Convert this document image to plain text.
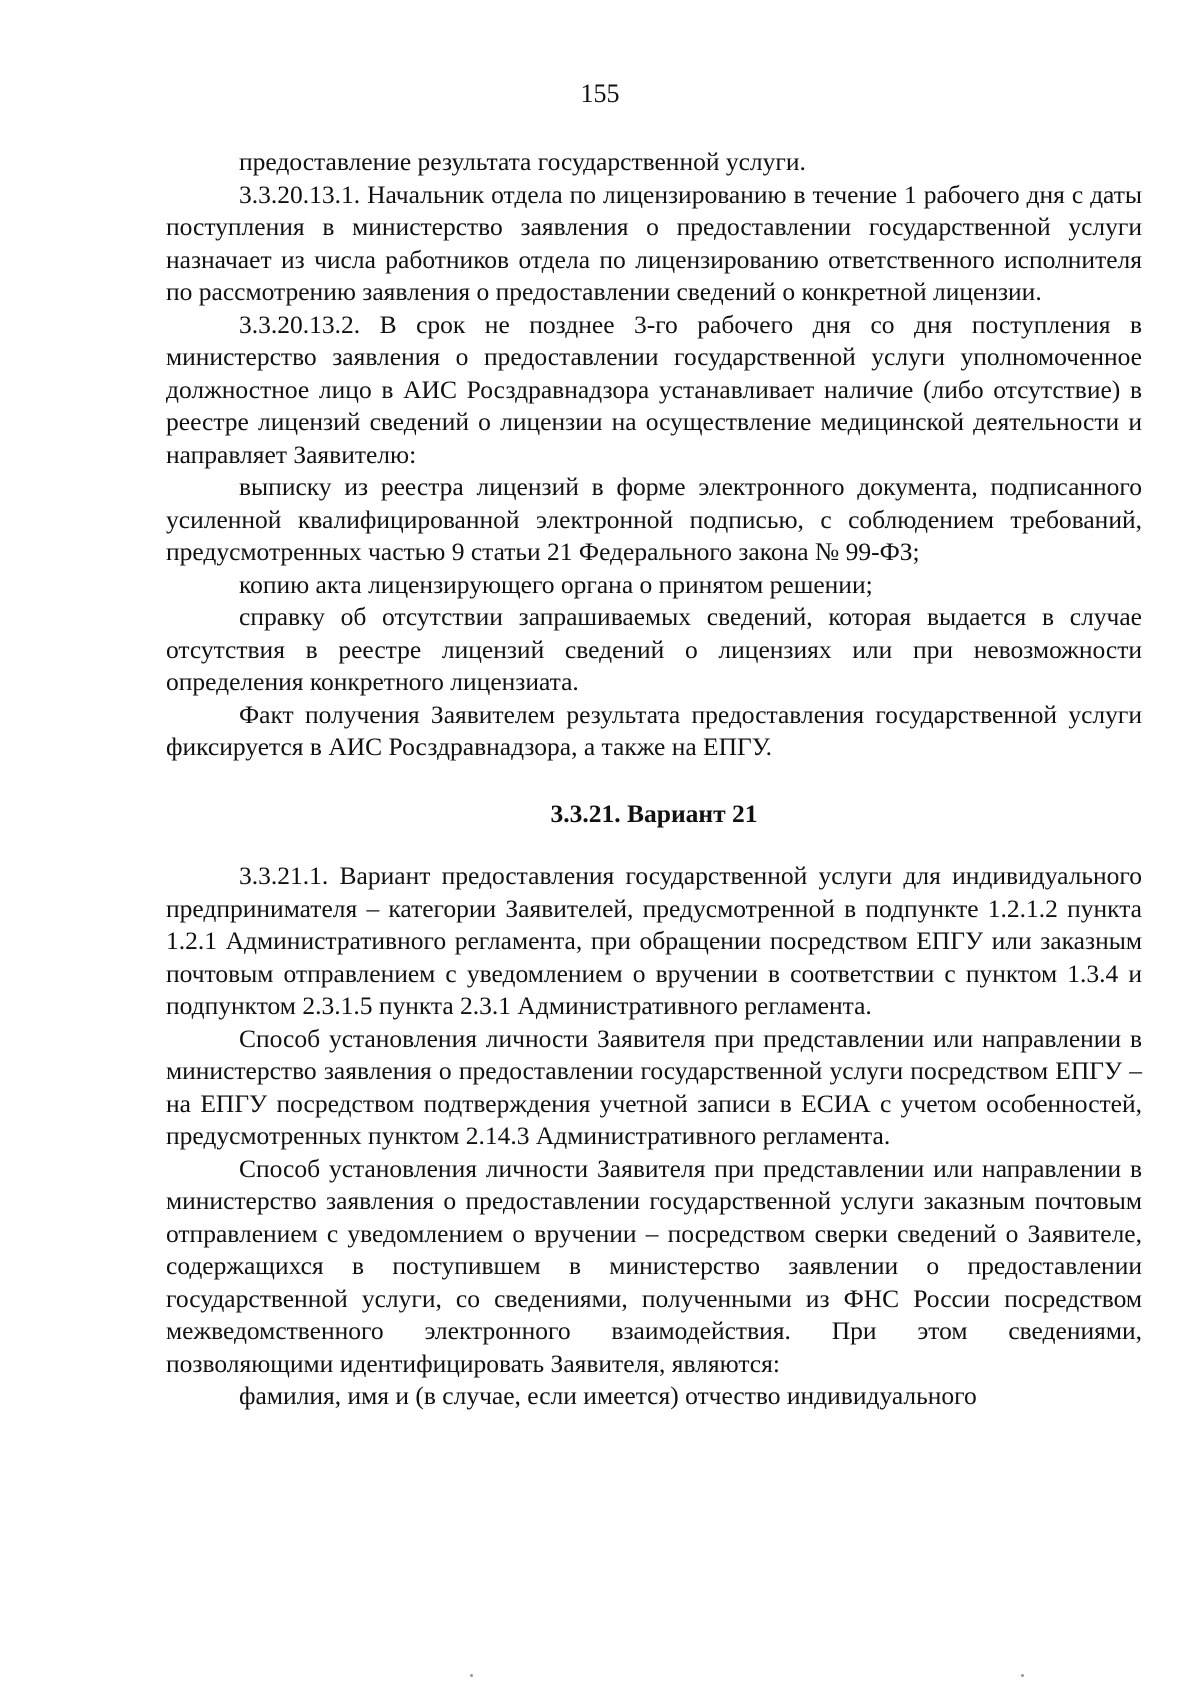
155

предоставление результата государственной услуги.

3.3.20.13.1. Начальник отдела по лицензированию в течение 1 рабочего дня с даты поступления в министерство заявления о предоставлении государственной услуги назначает из числа работников отдела по лицензированию ответственного исполнителя по рассмотрению заявления о предоставлении сведений о конкретной лицензии.

3.3.20.13.2. В срок не позднее 3-го рабочего дня со дня поступления в министерство заявления о предоставлении государственной услуги уполномоченное должностное лицо в АИС Росздравнадзора устанавливает наличие (либо отсутствие) в реестре лицензий сведений о лицензии на осуществление медицинской деятельности и направляет Заявителю:

выписку из реестра лицензий в форме электронного документа, подписанного усиленной квалифицированной электронной подписью, с соблюдением требований, предусмотренных частью 9 статьи 21 Федерального закона № 99-ФЗ;

копию акта лицензирующего органа о принятом решении;

справку об отсутствии запрашиваемых сведений, которая выдается в случае отсутствия в реестре лицензий сведений о лицензиях или при невозможности определения конкретного лицензиата.

Факт получения Заявителем результата предоставления государственной услуги фиксируется в АИС Росздравнадзора, а также на ЕПГУ.

3.3.21. Вариант 21

3.3.21.1. Вариант предоставления государственной услуги для индивидуального предпринимателя – категории Заявителей, предусмотренной в подпункте 1.2.1.2 пункта 1.2.1 Административного регламента, при обращении посредством ЕПГУ или заказным почтовым отправлением с уведомлением о вручении в соответствии с пунктом 1.3.4 и подпунктом 2.3.1.5 пункта 2.3.1 Административного регламента.

Способ установления личности Заявителя при представлении или направлении в министерство заявления о предоставлении государственной услуги посредством ЕПГУ – на ЕПГУ посредством подтверждения учетной записи в ЕСИА с учетом особенностей, предусмотренных пунктом 2.14.3 Административного регламента.

Способ установления личности Заявителя при представлении или направлении в министерство заявления о предоставлении государственной услуги заказным почтовым отправлением с уведомлением о вручении – посредством сверки сведений о Заявителе, содержащихся в поступившем в министерство заявлении о предоставлении государственной услуги, со сведениями, полученными из ФНС России посредством межведомственного электронного взаимодействия. При этом сведениями, позволяющими идентифицировать Заявителя, являются:

фамилия, имя и (в случае, если имеется) отчество индивидуального
